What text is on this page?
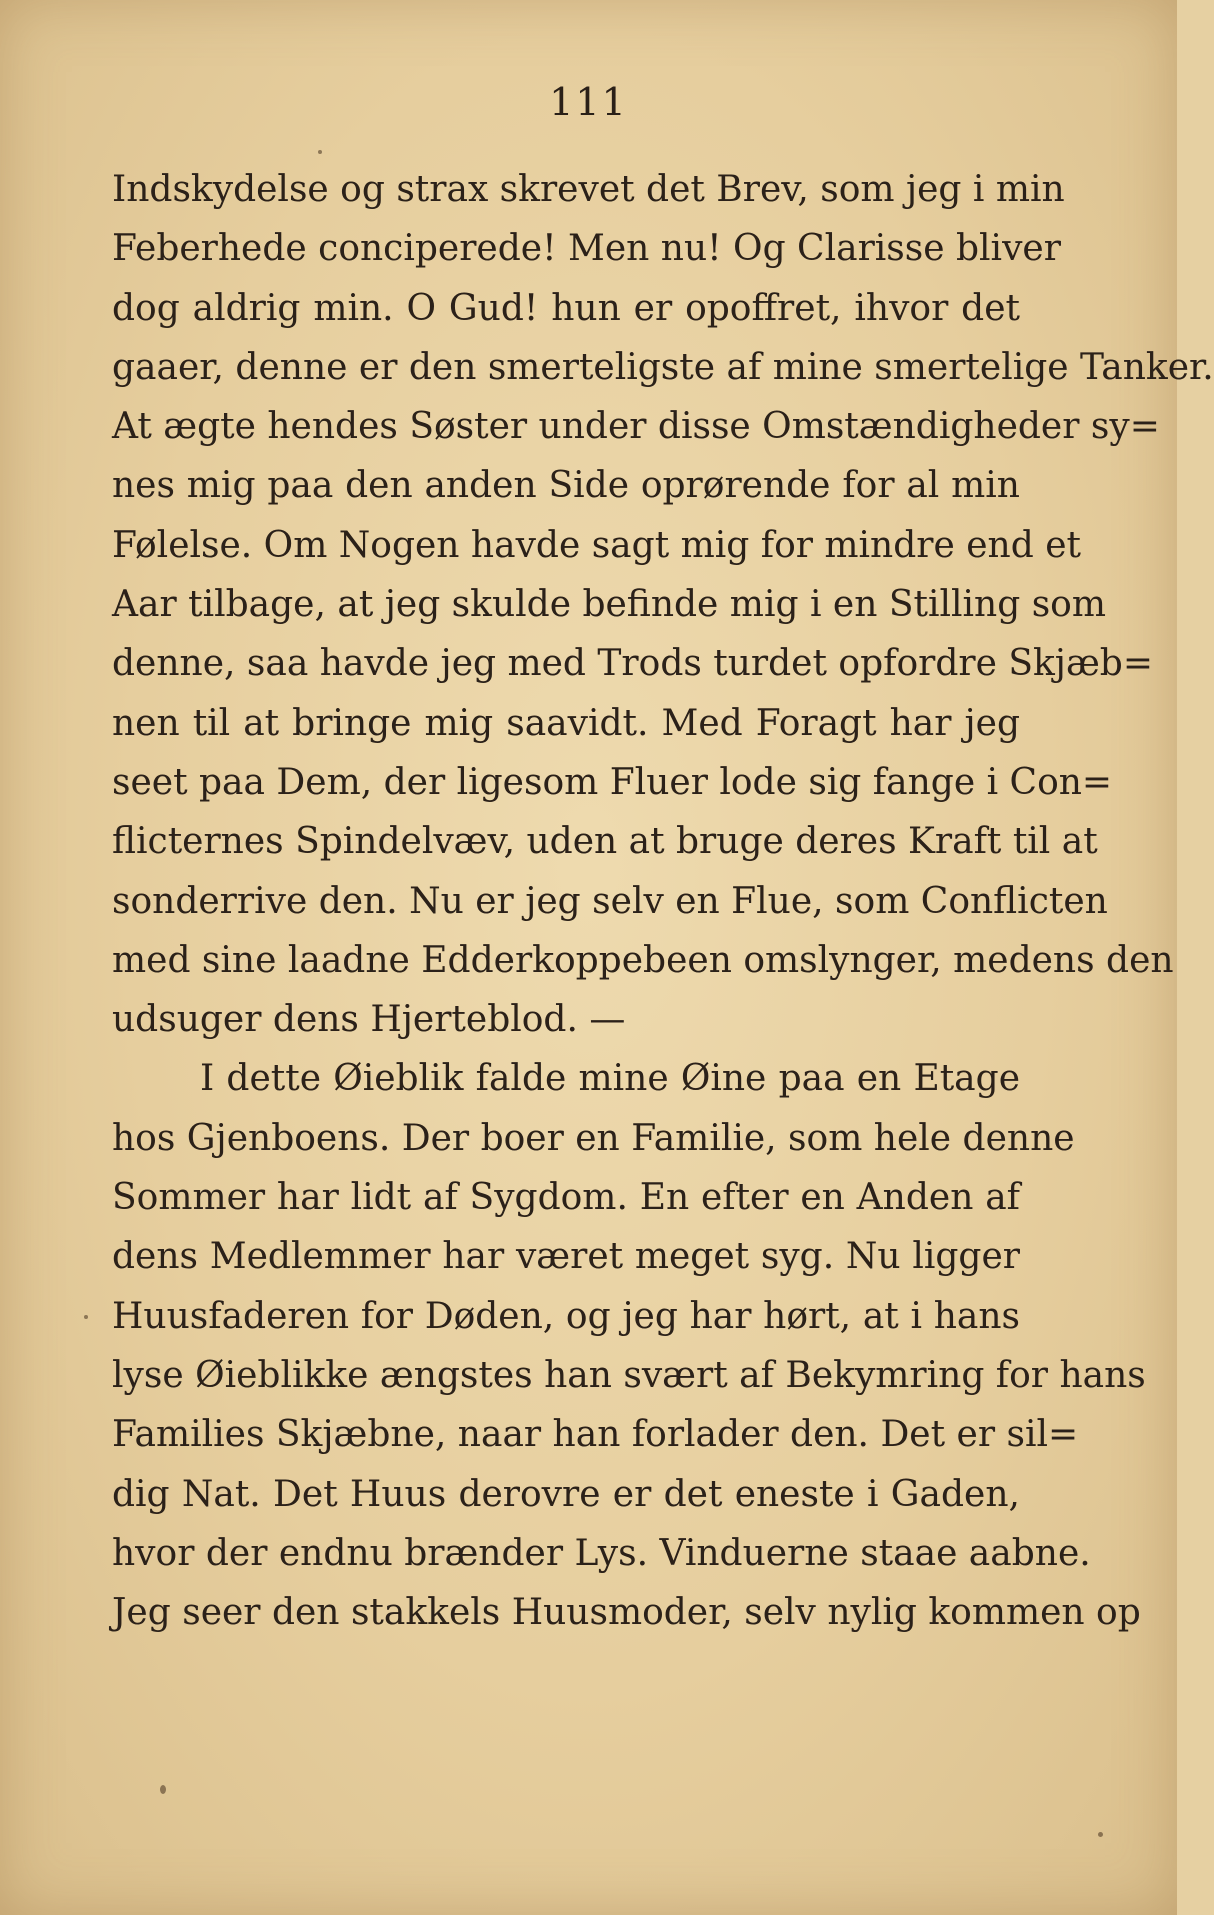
111
Indskydelse og strax skrevet det Brev, som jeg i min
Feberhede conciperede! Men nu! Og Clarisse bliver
dog aldrig min. O Gud! hun er opoffret, ihvor det
gaaer, denne er den smerteligste af mine smertelige Tanker.
At ægte hendes Søster under disse Omstændigheder sy=
nes mig paa den anden Side oprørende for al min
Følelse. Om Nogen havde sagt mig for mindre end et
Aar tilbage, at jeg skulde befinde mig i en Stilling som
denne, saa havde jeg med Trods turdet opfordre Skjæb=
nen til at bringe mig saavidt. Med Foragt har jeg
seet paa Dem, der ligesom Fluer lode sig fange i Con=
flicternes Spindelvæv, uden at bruge deres Kraft til at
sonderrive den. Nu er jeg selv en Flue, som Conflicten
med sine laadne Edderkoppebeen omslynger, medens den
udsuger dens Hjerteblod. —
I dette Øieblik falde mine Øine paa en Etage
hos Gjenboens. Der boer en Familie, som hele denne
Sommer har lidt af Sygdom. En efter en Anden af
dens Medlemmer har været meget syg. Nu ligger
Huusfaderen for Døden, og jeg har hørt, at i hans
lyse Øieblikke ængstes han svært af Bekymring for hans
Families Skjæbne, naar han forlader den. Det er sil=
dig Nat. Det Huus derovre er det eneste i Gaden,
hvor der endnu brænder Lys. Vinduerne staae aabne.
Jeg seer den stakkels Huusmoder, selv nylig kommen op
